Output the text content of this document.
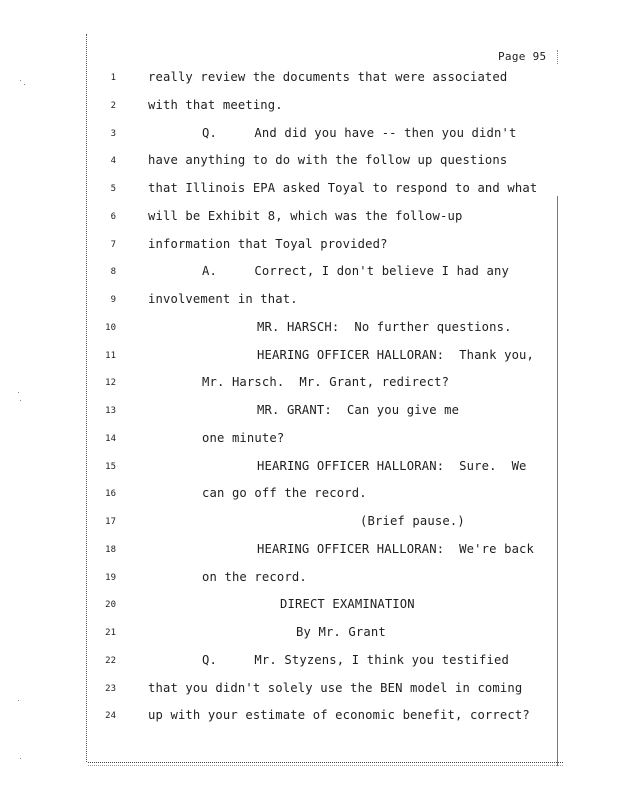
Page 95
1	really review the documents that were associated
2	with that meeting.
3	Q.     And did you have -- then you didn't
4	have anything to do with the follow up questions
5	that Illinois EPA asked Toyal to respond to and what
6	will be Exhibit 8, which was the follow-up
7	information that Toyal provided?
8	A.     Correct, I don't believe I had any
9	involvement in that.
10	MR. HARSCH:  No further questions.
11	HEARING OFFICER HALLORAN:  Thank you,
12	Mr. Harsch.  Mr. Grant, redirect?
13	MR. GRANT:  Can you give me
14	one minute?
15	HEARING OFFICER HALLORAN:  Sure.  We
16	can go off the record.
17	(Brief pause.)
18	HEARING OFFICER HALLORAN:  We're back
19	on the record.
20	DIRECT EXAMINATION
21	By Mr. Grant
22	Q.     Mr. Styzens, I think you testified
23	that you didn't solely use the BEN model in coming
24	up with your estimate of economic benefit, correct?
